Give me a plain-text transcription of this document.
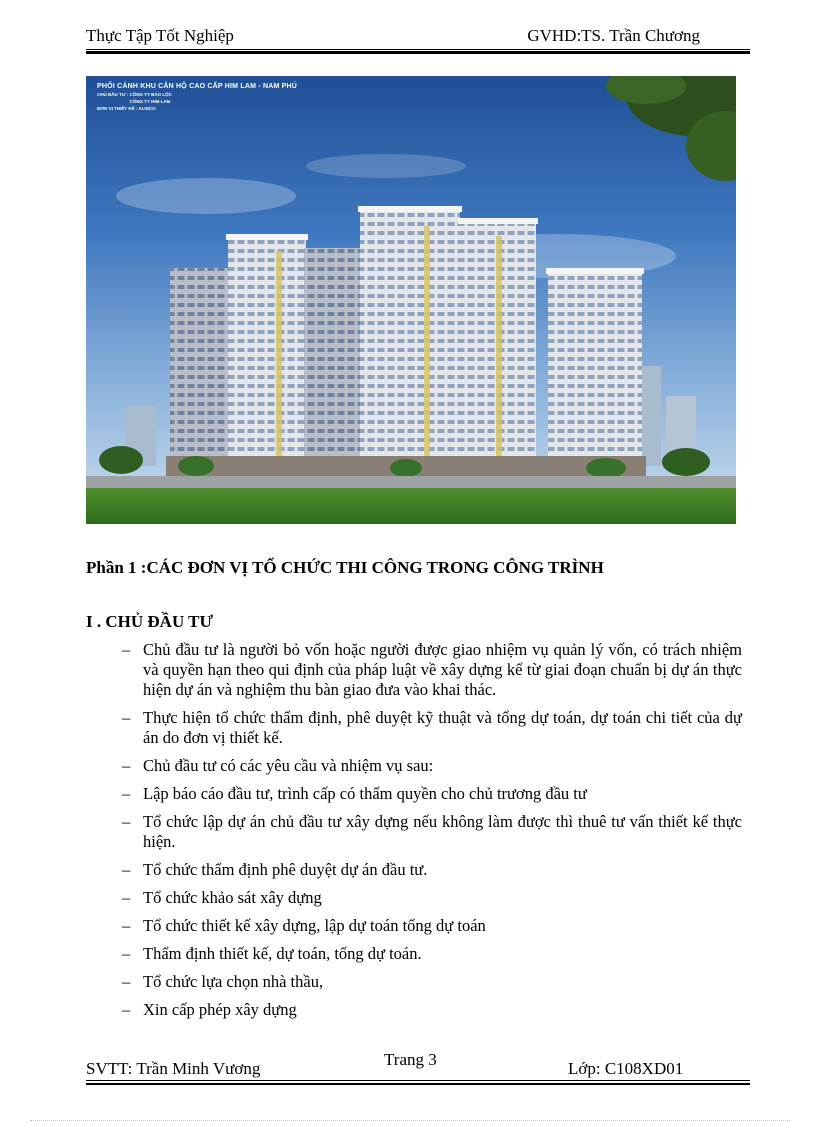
Thực Tập Tốt Nghiệp	GVHD:TS. Trần Chương
PHỐI CẢNH KHU CĂN HỘ CAO CẤP HIM LAM - NAM PHÚ
CHỦ ĐẦU TƯ : CÔNG TY BẢO LỘC
CÔNG TY HIM LAM
ĐƠN VỊ THIẾT KẾ : ALINCO
Phần 1 :CÁC ĐƠN VỊ TỔ CHỨC THI CÔNG TRONG CÔNG TRÌNH
I . CHỦ ĐẦU TƯ
– Chủ đầu tư là người bỏ vốn hoặc người được giao nhiệm vụ quản lý vốn, có trách nhiệm và quyền hạn theo qui định của pháp luật về xây dựng kể từ giai đoạn chuẩn bị dự án thực hiện dự án và nghiệm thu bàn giao đưa vào khai thác.
– Thực hiện tổ chức thẩm định, phê duyệt kỹ thuật và tổng dự toán, dự toán chi tiết của dự án do đơn vị thiết kế.
– Chủ đầu tư có các yêu cầu và nhiệm vụ sau:
– Lập báo cáo đầu tư, trình cấp có thẩm quyền cho chủ trương đầu tư
– Tổ chức lập dự án chủ đầu tư xây dựng nếu không làm được thì thuê tư vấn thiết kế thực hiện.
– Tổ chức thẩm định phê duyệt dự án đầu tư.
– Tổ chức khảo sát xây dựng
– Tổ chức thiết kế xây dựng, lập dự toán tổng dự toán
– Thẩm định thiết kế, dự toán, tổng dự toán.
– Tổ chức lựa chọn nhà thầu,
– Xin cấp phép xây dựng
SVTT: Trần Minh Vương	Trang 3	Lớp: C108XD01
